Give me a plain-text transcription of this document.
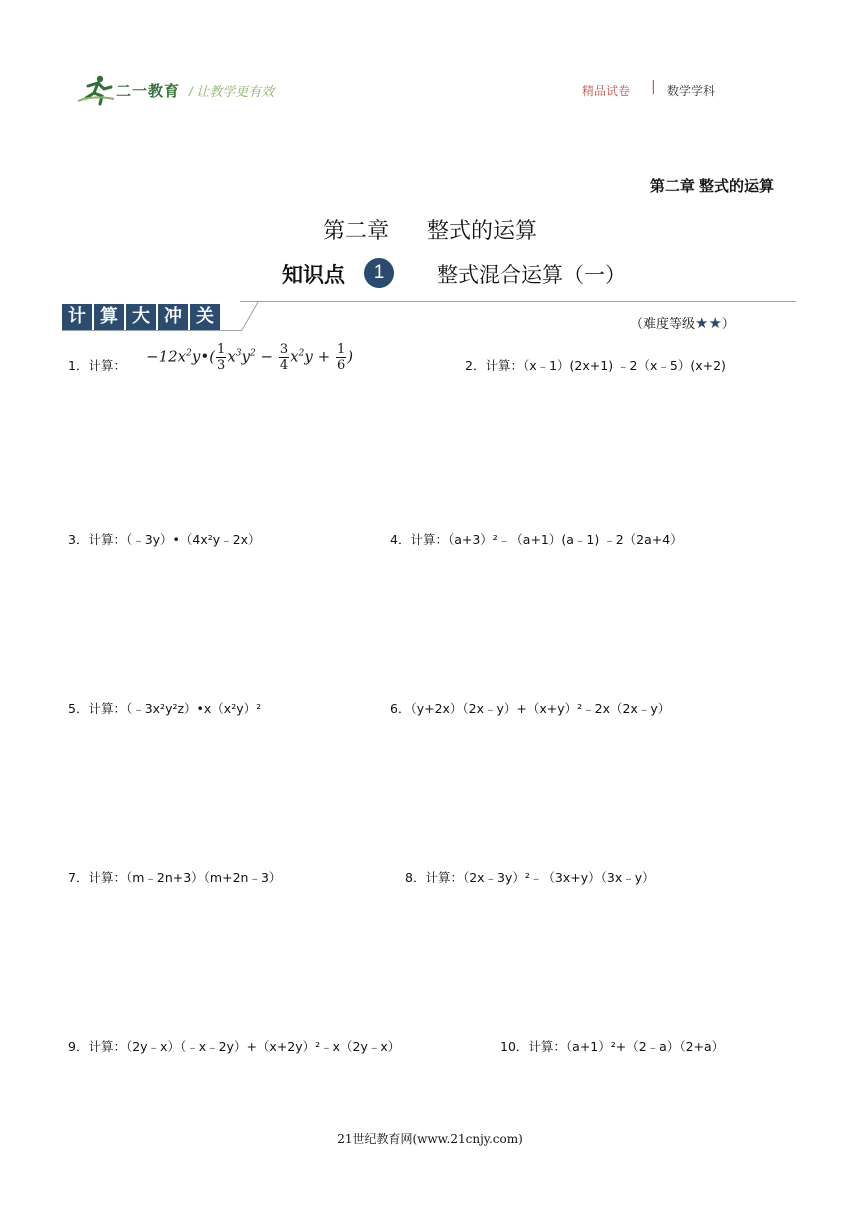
二一教育 / 让教学更有效	精品试卷 | 数学学科
第二章 整式的运算
第二章 整式的运算
知识点	1	整式混合运算（一）
计 算 大 冲 关	（难度等级★★）
1．计算： $-12x^2y•( \frac{1}{3} x^3y^2 - \frac{3}{4} x^2y + \frac{1}{6}$ )	2．计算：（x﹣1）(2x+1) ﹣2（x﹣5）(x+2)
3．计算：（﹣3y）•（4x²y﹣2x）	4．计算：（a+3）²﹣（a+1）(a﹣1) ﹣2（2a+4）
5．计算：（﹣3x²y²z）•x（x²y）²	6．（y+2x）（2x﹣y）+（x+y）²﹣2x（2x﹣y）
7．计算：（m﹣2n+3）（m+2n﹣3）	8．计算：（2x﹣3y）²﹣（3x+y）（3x﹣y）
9．计算：（2y﹣x）（﹣x﹣2y）+（x+2y）²﹣x（2y﹣x）	10．计算：（a+1）²+（2﹣a）（2+a）
21世纪教育网(www.21cnjy.com)
